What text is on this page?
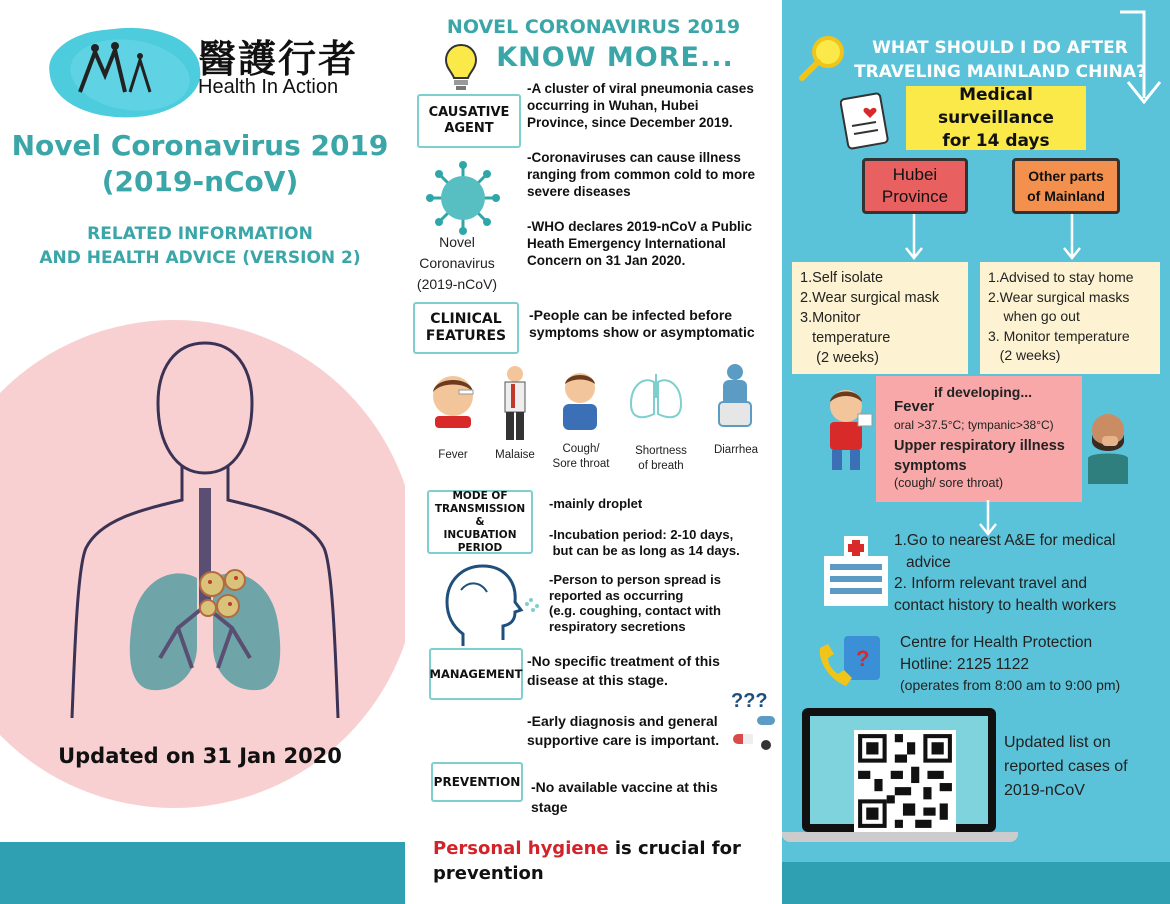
醫護行者
Health In Action
Novel Coronavirus 2019
(2019-nCoV)
RELATED INFORMATION
AND HEALTH ADVICE (VERSION 2)
Updated on 31 Jan 2020
NOVEL CORONAVIRUS 2019
KNOW MORE...
CAUSATIVE
AGENT
Novel
Coronavirus
(2019-nCoV)
-A cluster of viral pneumonia cases
occurring in Wuhan, Hubei
Province, since December 2019.
-Coronaviruses can cause illness
ranging from common cold to more
severe diseases
-WHO declares 2019-nCoV a Public
Heath Emergency International
Concern on 31 Jan 2020.
CLINICAL
FEATURES
-People can be infected before
symptoms show or asymptomatic
Fever	Malaise	Cough/
Sore throat
Shortness
of breath
Diarrhea
MODE OF
TRANSMISSION &
INCUBATION
PERIOD
-mainly droplet
-Incubation period: 2-10 days,
but can be as long as 14 days.
-Person to person spread is
reported as occurring
(e.g. coughing, contact with
respiratory secretions
MANAGEMENT
-No specific treatment of this
disease at this stage.
-Early diagnosis and general
supportive care is important.
???
PREVENTION -No available vaccine at this
stage
Personal hygiene is crucial for
prevention
WHAT SHOULD I DO AFTER
TRAVELING MAINLAND CHINA?
Medical surveillance
for 14 days
Hubei
Province
Other parts
of Mainland
1.Self isolate
2.Wear surgical mask
3.Monitor
temperature
(2 weeks)
1.Advised to stay home
2.Wear surgical masks
when go out
3. Monitor temperature
(2 weeks)
if developing...
Fever
oral >37.5°C; tympanic>38°C)
Upper respiratory illness
symptoms
(cough/ sore throat)
1.Go to nearest A&E for medical
advice
2. Inform relevant travel and
contact history to health workers
?
Centre for Health Protection
Hotline: 2125 1122
(operates from 8:00 am to 9:00 pm)
Updated list on
reported cases of
2019-nCoV
